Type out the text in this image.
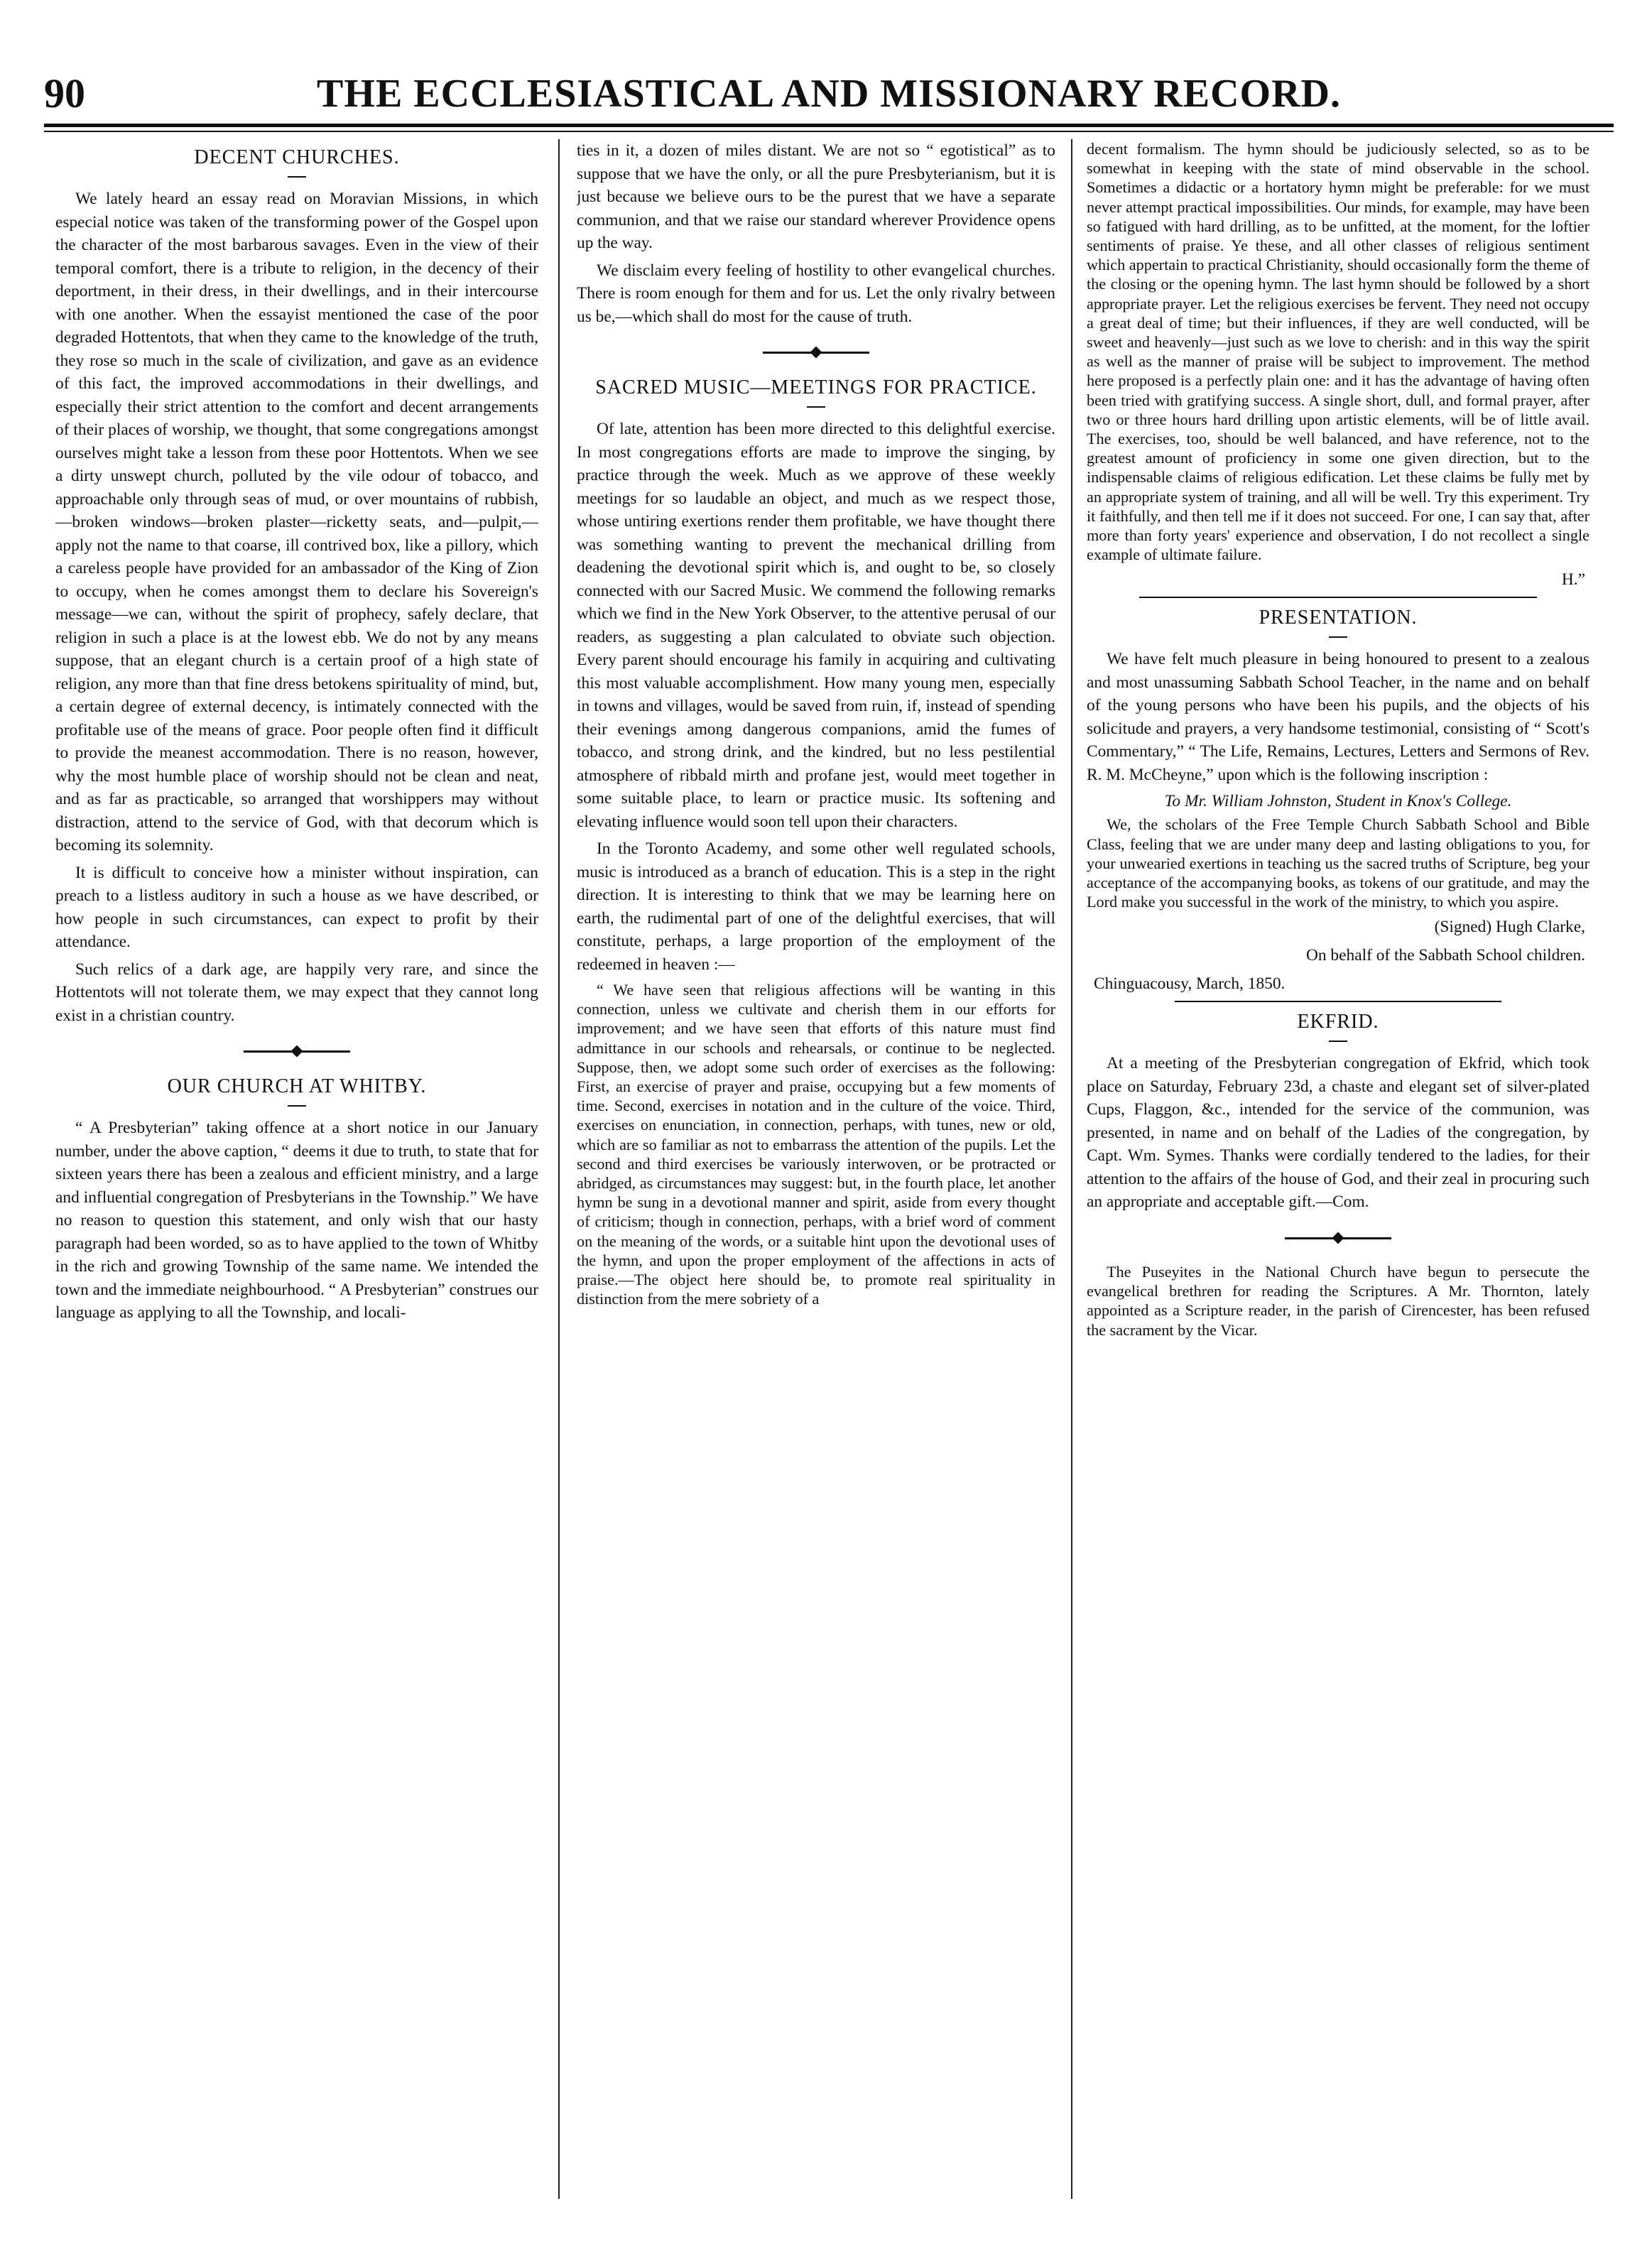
90	THE ECCLESIASTICAL AND MISSIONARY RECORD.
DECENT CHURCHES.

We lately heard an essay read on Moravian Missions, in which especial notice was taken of the transforming power of the Gospel upon the character of the most barbarous savages. Even in the view of their temporal comfort, there is a tribute to religion, in the decency of their deportment, in their dress, in their dwellings, and in their intercourse with one another. When the essayist mentioned the case of the poor degraded Hottentots, that when they came to the knowledge of the truth, they rose so much in the scale of civilization, and gave as an evidence of this fact, the improved accommodations in their dwellings, and especially their strict attention to the comfort and decent arrangements of their places of worship, we thought, that some congregations amongst ourselves might take a lesson from these poor Hottentots. When we see a dirty unswept church, polluted by the vile odour of tobacco, and approachable only through seas of mud, or over mountains of rubbish,—broken windows—broken plaster—ricketty seats, and—pulpit,—apply not the name to that coarse, ill contrived box, like a pillory, which a careless people have provided for an ambassador of the King of Zion to occupy, when he comes amongst them to declare his Sovereign's message—we can, without the spirit of prophecy, safely declare, that religion in such a place is at the lowest ebb. We do not by any means suppose, that an elegant church is a certain proof of a high state of religion, any more than that fine dress betokens spirituality of mind, but, a certain degree of external decency, is intimately connected with the profitable use of the means of grace. Poor people often find it difficult to provide the meanest accommodation. There is no reason, however, why the most humble place of worship should not be clean and neat, and as far as practicable, so arranged that worshippers may without distraction, attend to the service of God, with that decorum which is becoming its solemnity.

It is difficult to conceive how a minister without inspiration, can preach to a listless auditory in such a house as we have described, or how people in such circumstances, can expect to profit by their attendance.

Such relics of a dark age, are happily very rare, and since the Hottentots will not tolerate them, we may expect that they cannot long exist in a christian country.

OUR CHURCH AT WHITBY.

“ A Presbyterian” taking offence at a short notice in our January number, under the above caption, “ deems it due to truth, to state that for sixteen years there has been a zealous and efficient ministry, and a large and influential congregation of Presbyterians in the Township.” We have no reason to question this statement, and only wish that our hasty paragraph had been worded, so as to have applied to the town of Whitby in the rich and growing Township of the same name. We intended the town and the immediate neighbourhood. “ A Presbyterian” construes our language as applying to all the Township, and locali-

ties in it, a dozen of miles distant. We are not so “ egotistical” as to suppose that we have the only, or all the pure Presbyterianism, but it is just because we believe ours to be the purest that we have a separate communion, and that we raise our standard wherever Providence opens up the way.

We disclaim every feeling of hostility to other evangelical churches. There is room enough for them and for us. Let the only rivalry between us be,—which shall do most for the cause of truth.

SACRED MUSIC—MEETINGS FOR PRACTICE.

Of late, attention has been more directed to this delightful exercise. In most congregations efforts are made to improve the singing, by practice through the week. Much as we approve of these weekly meetings for so laudable an object, and much as we respect those, whose untiring exertions render them profitable, we have thought there was something wanting to prevent the mechanical drilling from deadening the devotional spirit which is, and ought to be, so closely connected with our Sacred Music. We commend the following remarks which we find in the New York Observer, to the attentive perusal of our readers, as suggesting a plan calculated to obviate such objection. Every parent should encourage his family in acquiring and cultivating this most valuable accomplishment. How many young men, especially in towns and villages, would be saved from ruin, if, instead of spending their evenings among dangerous companions, amid the fumes of tobacco, and strong drink, and the kindred, but no less pestilential atmosphere of ribbald mirth and profane jest, would meet together in some suitable place, to learn or practice music. Its softening and elevating influence would soon tell upon their characters.

In the Toronto Academy, and some other well regulated schools, music is introduced as a branch of education. This is a step in the right direction. It is interesting to think that we may be learning here on earth, the rudimental part of one of the delightful exercises, that will constitute, perhaps, a large proportion of the employment of the redeemed in heaven :—

“ We have seen that religious affections will be wanting in this connection, unless we cultivate and cherish them in our efforts for improvement; and we have seen that efforts of this nature must find admittance in our schools and rehearsals, or continue to be neglected. Suppose, then, we adopt some such order of exercises as the following: First, an exercise of prayer and praise, occupying but a few moments of time. Second, exercises in notation and in the culture of the voice. Third, exercises on enunciation, in connection, perhaps, with tunes, new or old, which are so familiar as not to embarrass the attention of the pupils. Let the second and third exercises be variously interwoven, or be protracted or abridged, as circumstances may suggest: but, in the fourth place, let another hymn be sung in a devotional manner and spirit, aside from every thought of criticism; though in connection, perhaps, with a brief word of comment on the meaning of the words, or a suitable hint upon the devotional uses of the hymn, and upon the proper employment of the affections in acts of praise.—The object here should be, to promote real spirituality in distinction from the mere sobriety of a

decent formalism. The hymn should be judiciously selected, so as to be somewhat in keeping with the state of mind observable in the school. Sometimes a didactic or a hortatory hymn might be preferable: for we must never attempt practical impossibilities. Our minds, for example, may have been so fatigued with hard drilling, as to be unfitted, at the moment, for the loftier sentiments of praise. Ye these, and all other classes of religious sentiment which appertain to practical Christianity, should occasionally form the theme of the closing or the opening hymn. The last hymn should be followed by a short appropriate prayer. Let the religious exercises be fervent. They need not occupy a great deal of time; but their influences, if they are well conducted, will be sweet and heavenly—just such as we love to cherish: and in this way the spirit as well as the manner of praise will be subject to improvement. The method here proposed is a perfectly plain one: and it has the advantage of having often been tried with gratifying success. A single short, dull, and formal prayer, after two or three hours hard drilling upon artistic elements, will be of little avail. The exercises, too, should be well balanced, and have reference, not to the greatest amount of proficiency in some one given direction, but to the indispensable claims of religious edification. Let these claims be fully met by an appropriate system of training, and all will be well. Try this experiment. Try it faithfully, and then tell me if it does not succeed. For one, I can say that, after more than forty years' experience and observation, I do not recollect a single example of ultimate failure.

H.”
PRESENTATION.

We have felt much pleasure in being honoured to present to a zealous and most unassuming Sabbath School Teacher, in the name and on behalf of the young persons who have been his pupils, and the objects of his solicitude and prayers, a very handsome testimonial, consisting of “ Scott's Commentary,” “ The Life, Remains, Lectures, Letters and Sermons of Rev. R. M. McCheyne,” upon which is the following inscription :

To Mr. William Johnston, Student in Knox's College.

We, the scholars of the Free Temple Church Sabbath School and Bible Class, feeling that we are under many deep and lasting obligations to you, for your unwearied exertions in teaching us the sacred truths of Scripture, beg your acceptance of the accompanying books, as tokens of our gratitude, and may the Lord make you successful in the work of the ministry, to which you aspire.

(Signed) Hugh Clarke,
On behalf of the Sabbath School children.
Chinguacousy, March, 1850.
EKFRID.

At a meeting of the Presbyterian congregation of Ekfrid, which took place on Saturday, February 23d, a chaste and elegant set of silver-plated Cups, Flaggon, &c., intended for the service of the communion, was presented, in name and on behalf of the Ladies of the congregation, by Capt. Wm. Symes. Thanks were cordially tendered to the ladies, for their attention to the affairs of the house of God, and their zeal in procuring such an appropriate and acceptable gift.—Com.

The Puseyites in the National Church have begun to persecute the evangelical brethren for reading the Scriptures. A Mr. Thornton, lately appointed as a Scripture reader, in the parish of Cirencester, has been refused the sacrament by the Vicar.
